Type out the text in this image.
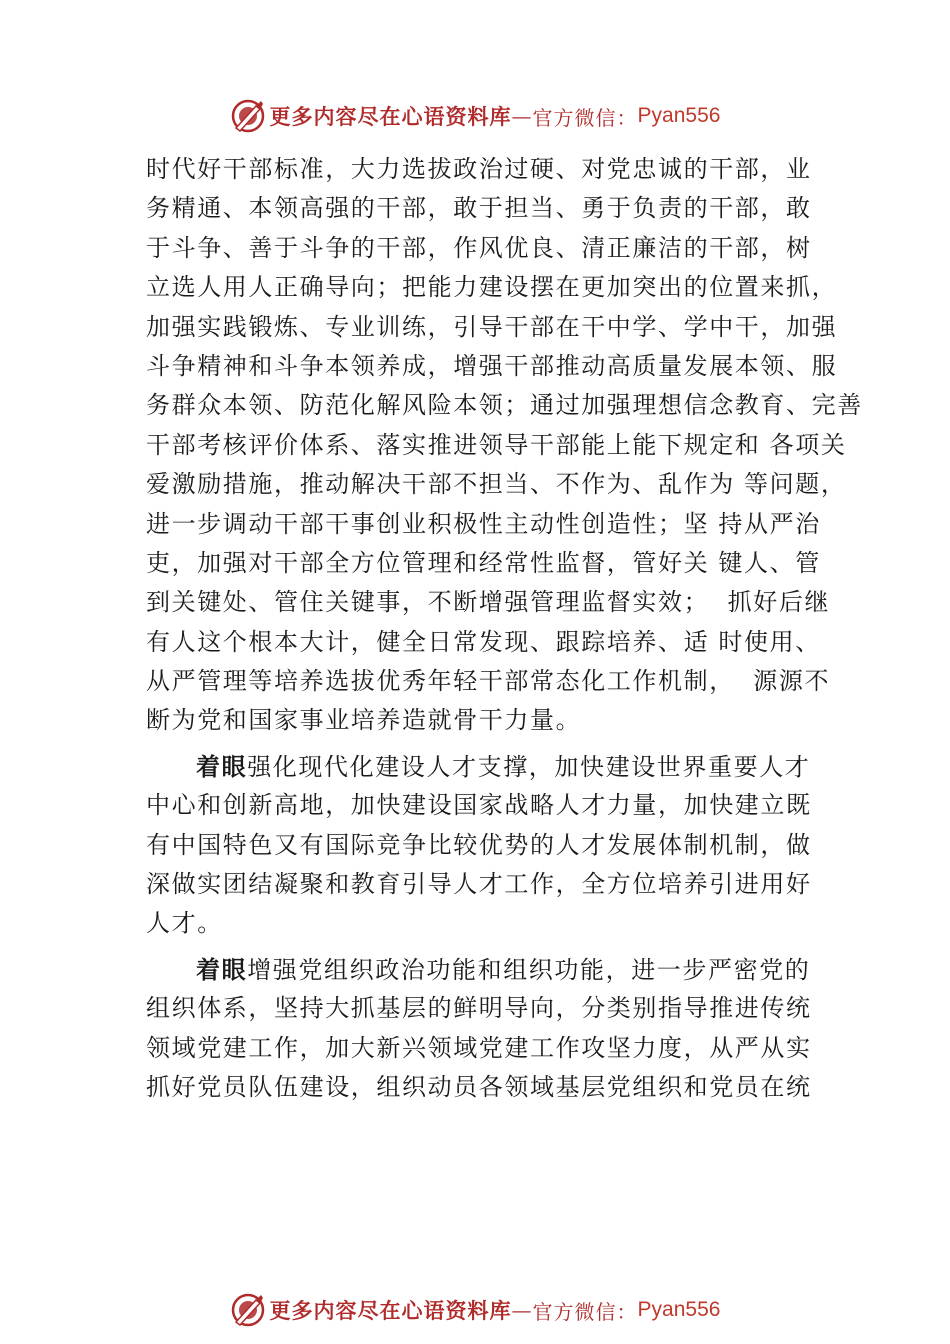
更多内容尽在心语资料库 — 官方微信： Pyan556
时代好干部标准，大力选拔政治过硬、对党忠诚的干部，业
务精通、本领高强的干部，敢于担当、勇于负责的干部，敢
于斗争、善于斗争的干部，作风优良、清正廉洁的干部，树
立选人用人正确导向；把能力建设摆在更加突出的位置来抓，
加强实践锻炼、专业训练，引导干部在干中学、学中干，加强
斗争精神和斗争本领养成，增强干部推动高质量发展本领、服
务群众本领、防范化解风险本领；通过加强理想信念教育、完善
干部考核评价体系、落实推进领导干部能上能下规定和 各项关
爱激励措施，推动解决干部不担当、不作为、乱作为 等问题，
进一步调动干部干事创业积极性主动性创造性；坚 持从严治
吏，加强对干部全方位管理和经常性监督，管好关 键人、管
到关键处、管住关键事，不断增强管理监督实效；  抓好后继
有人这个根本大计，健全日常发现、跟踪培养、适 时使用、
从严管理等培养选拔优秀年轻干部常态化工作机制，  源源不
断为党和国家事业培养造就骨干力量。
着眼强化现代化建设人才支撑，加快建设世界重要人才
中心和创新高地，加快建设国家战略人才力量，加快建立既
有中国特色又有国际竞争比较优势的人才发展体制机制，做
深做实团结凝聚和教育引导人才工作，全方位培养引进用好
人才。
着眼增强党组织政治功能和组织功能，进一步严密党的
组织体系，坚持大抓基层的鲜明导向，分类别指导推进传统
领域党建工作，加大新兴领域党建工作攻坚力度，从严从实
抓好党员队伍建设，组织动员各领域基层党组织和党员在统
更多内容尽在心语资料库 — 官方微信： Pyan556
